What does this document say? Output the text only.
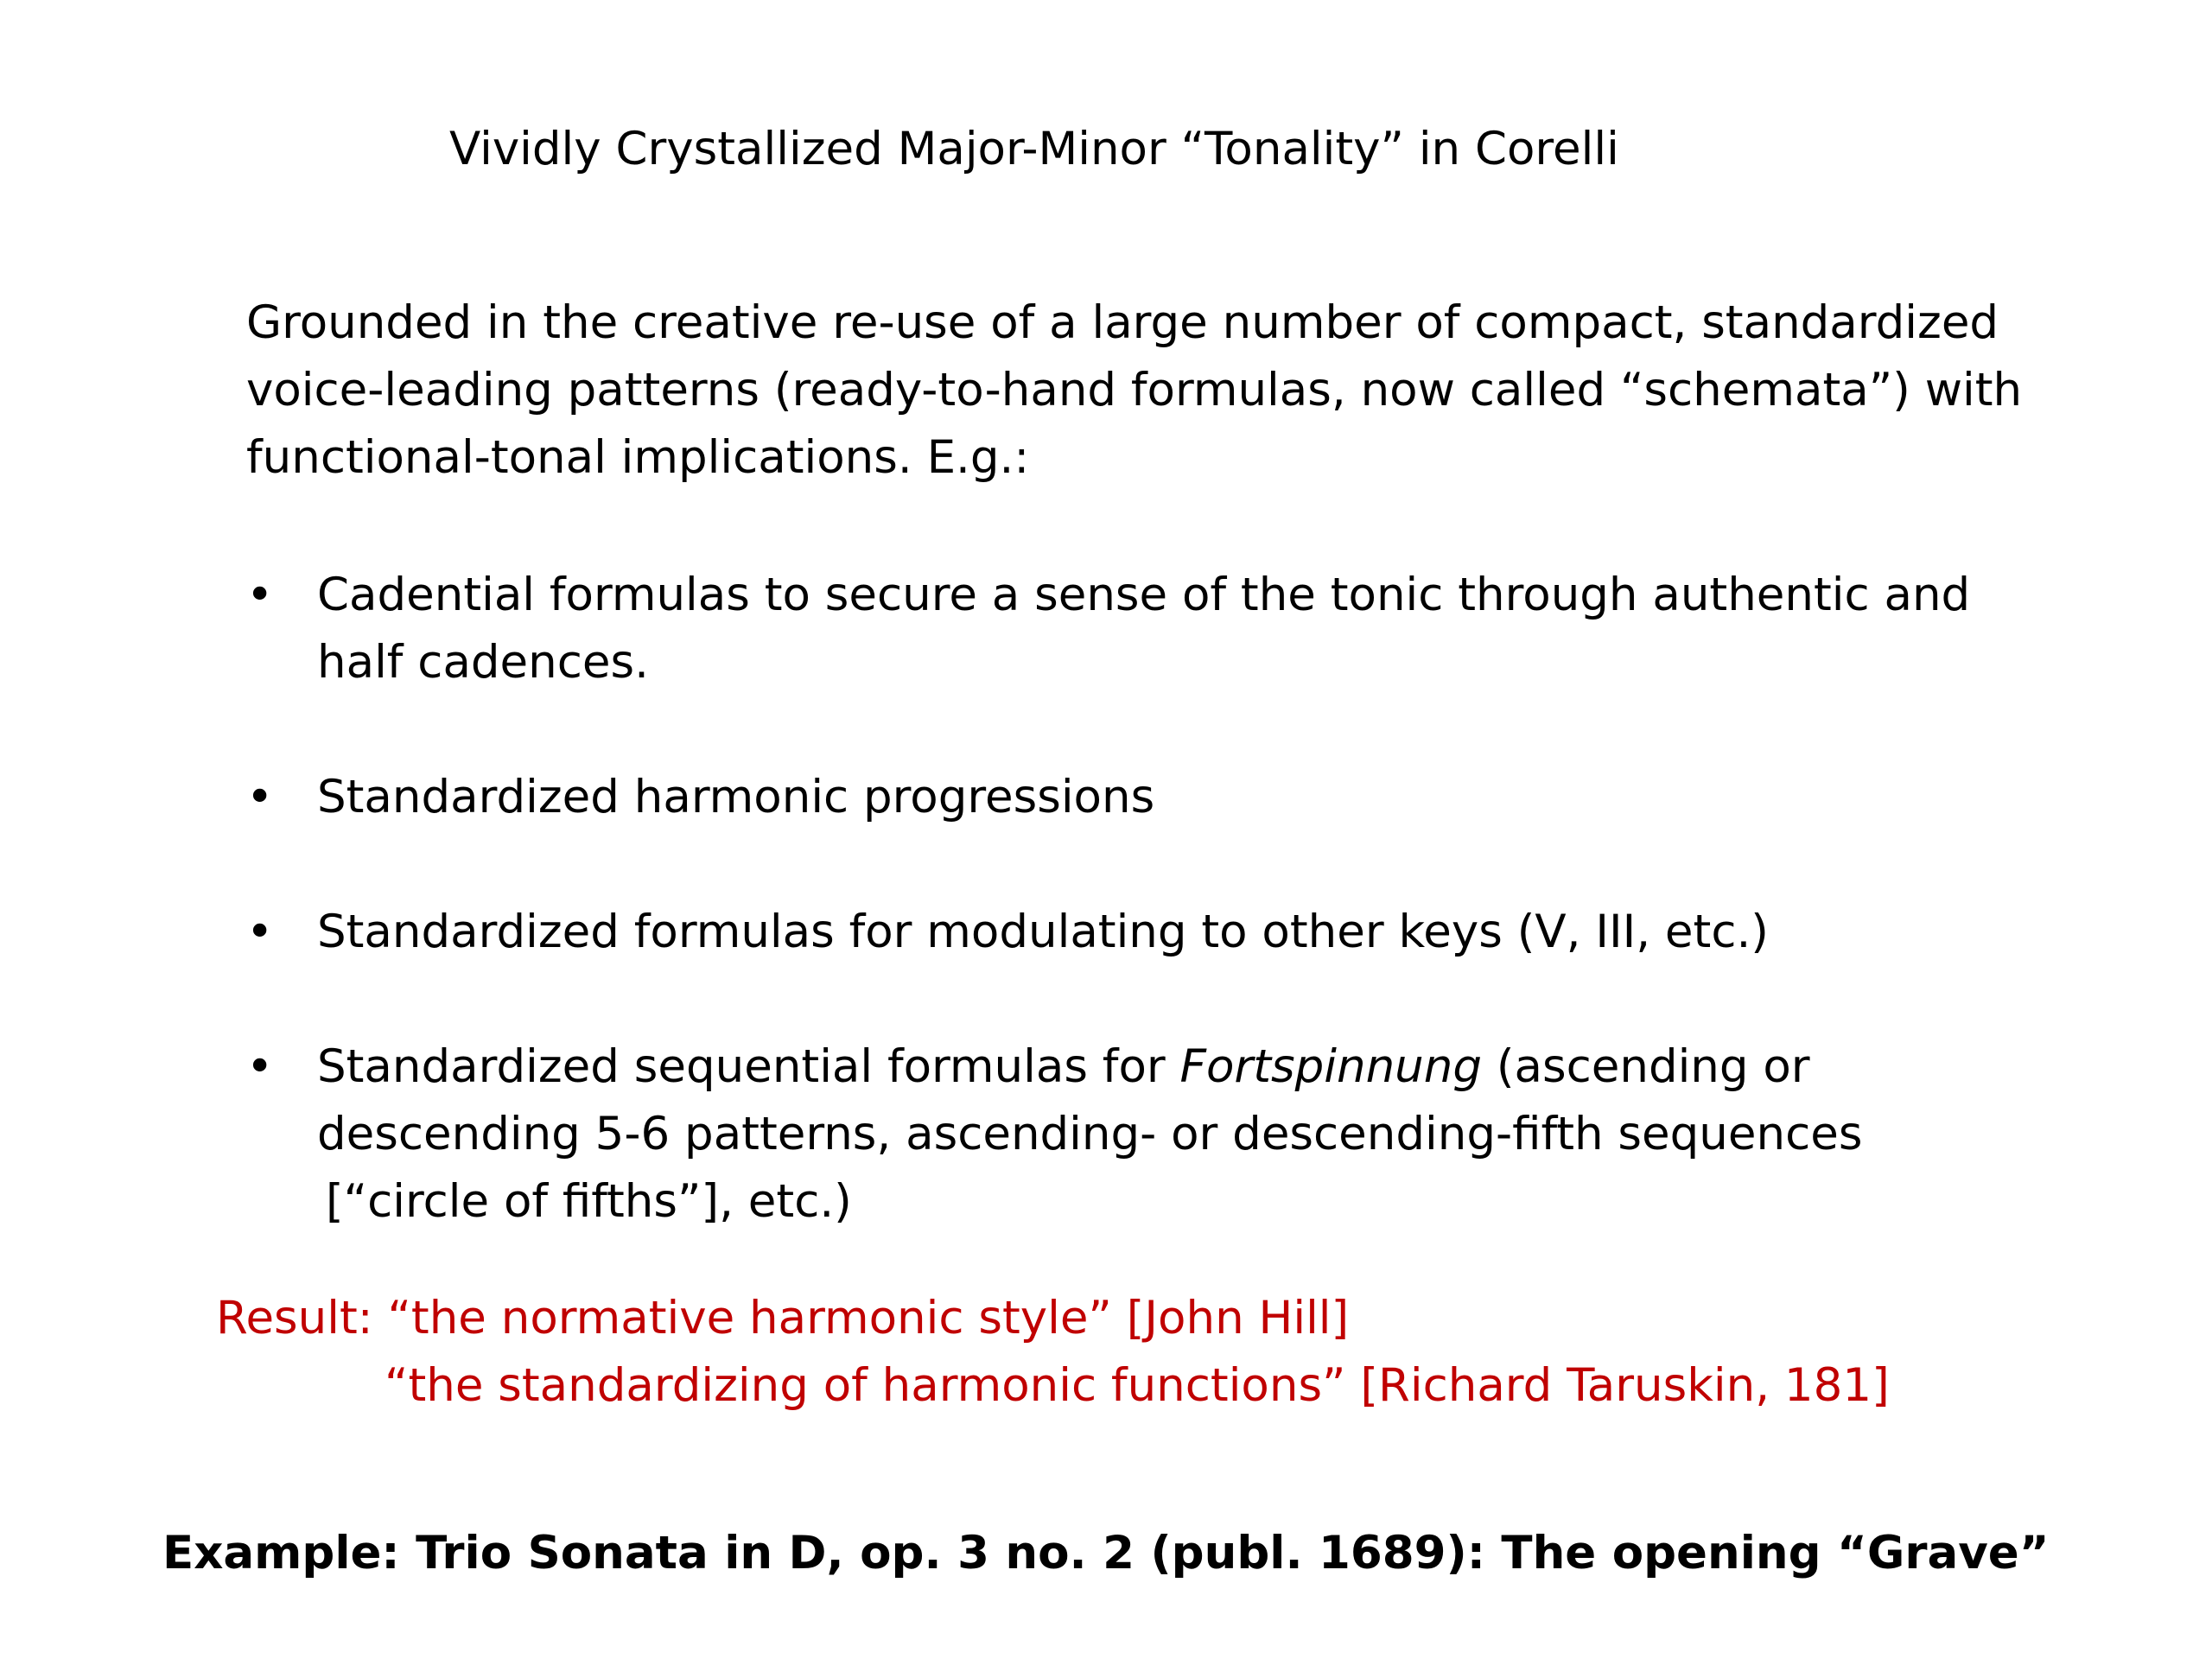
Vividly Crystallized Major-Minor “Tonality” in Corelli
Grounded in the creative re-use of a large number of compact, standardized
voice-leading patterns (ready-to-hand formulas, now called “schemata”) with
functional-tonal implications. E.g.:
• Cadential formulas to secure a sense of the tonic through authentic and
half cadences.
• Standardized harmonic progressions
• Standardized formulas for modulating to other keys (V, III, etc.)
• Standardized sequential formulas for Fortspinnung (ascending or
descending 5-6 patterns, ascending- or descending-fifth sequences
[“circle of fifths”], etc.)
Result: “the normative harmonic style” [John Hill]
“the standardizing of harmonic functions” [Richard Taruskin, 181]
Example: Trio Sonata in D, op. 3 no. 2 (publ. 1689): The opening “Grave”
